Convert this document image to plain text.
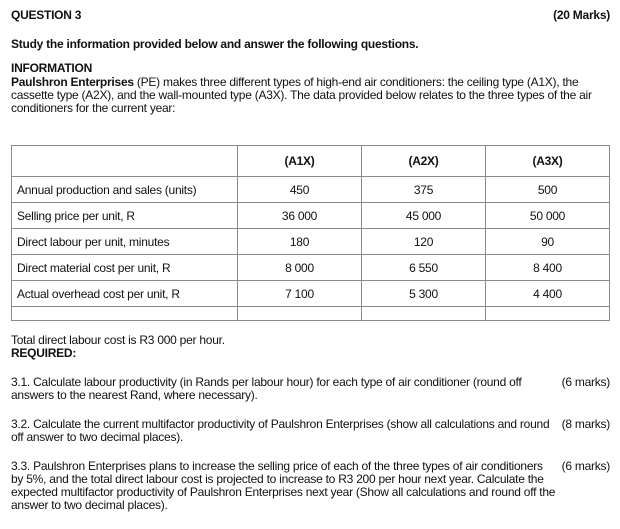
QUESTION 3	(20 Marks)
Study the information provided below and answer the following questions.
INFORMATION
Paulshron Enterprises (PE) makes three different types of high-end air conditioners: the ceiling type (A1X), the cassette type (A2X), and the wall-mounted type (A3X). The data provided below relates to the three types of the air conditioners for the current year:
	(A1X)	(A2X)	(A3X)
Annual production and sales (units)	450	375	500
Selling price per unit, R	36 000	45 000	50 000
Direct labour per unit, minutes	180	120	90
Direct material cost per unit, R	8 000	6 550	8 400
Actual overhead cost per unit, R	7 100	5 300	4 400

Total direct labour cost is R3 000 per hour.
REQUIRED:
3.1. Calculate labour productivity (in Rands per labour hour) for each type of air conditioner (round off answers to the nearest Rand, where necessary).
(6 marks)
3.2. Calculate the current multifactor productivity of Paulshron Enterprises (show all calculations and round off answer to two decimal places).
(8 marks)
3.3. Paulshron Enterprises plans to increase the selling price of each of the three types of air conditioners by 5%, and the total direct labour cost is projected to increase to R3 200 per hour next year. Calculate the expected multifactor productivity of Paulshron Enterprises next year (Show all calculations and round off the answer to two decimal places).
(6 marks)
